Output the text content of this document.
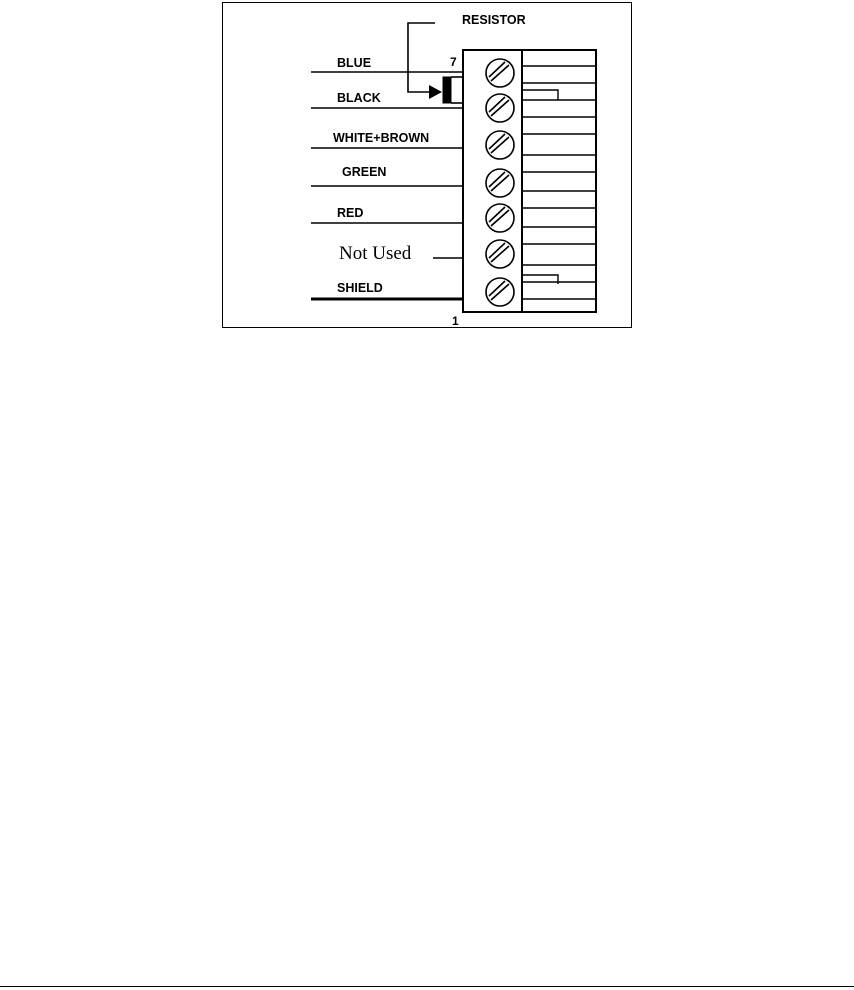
RESISTOR
7
BLUE
BLACK
WHITE+BROWN
GREEN
RED
Not Used
SHIELD
1
